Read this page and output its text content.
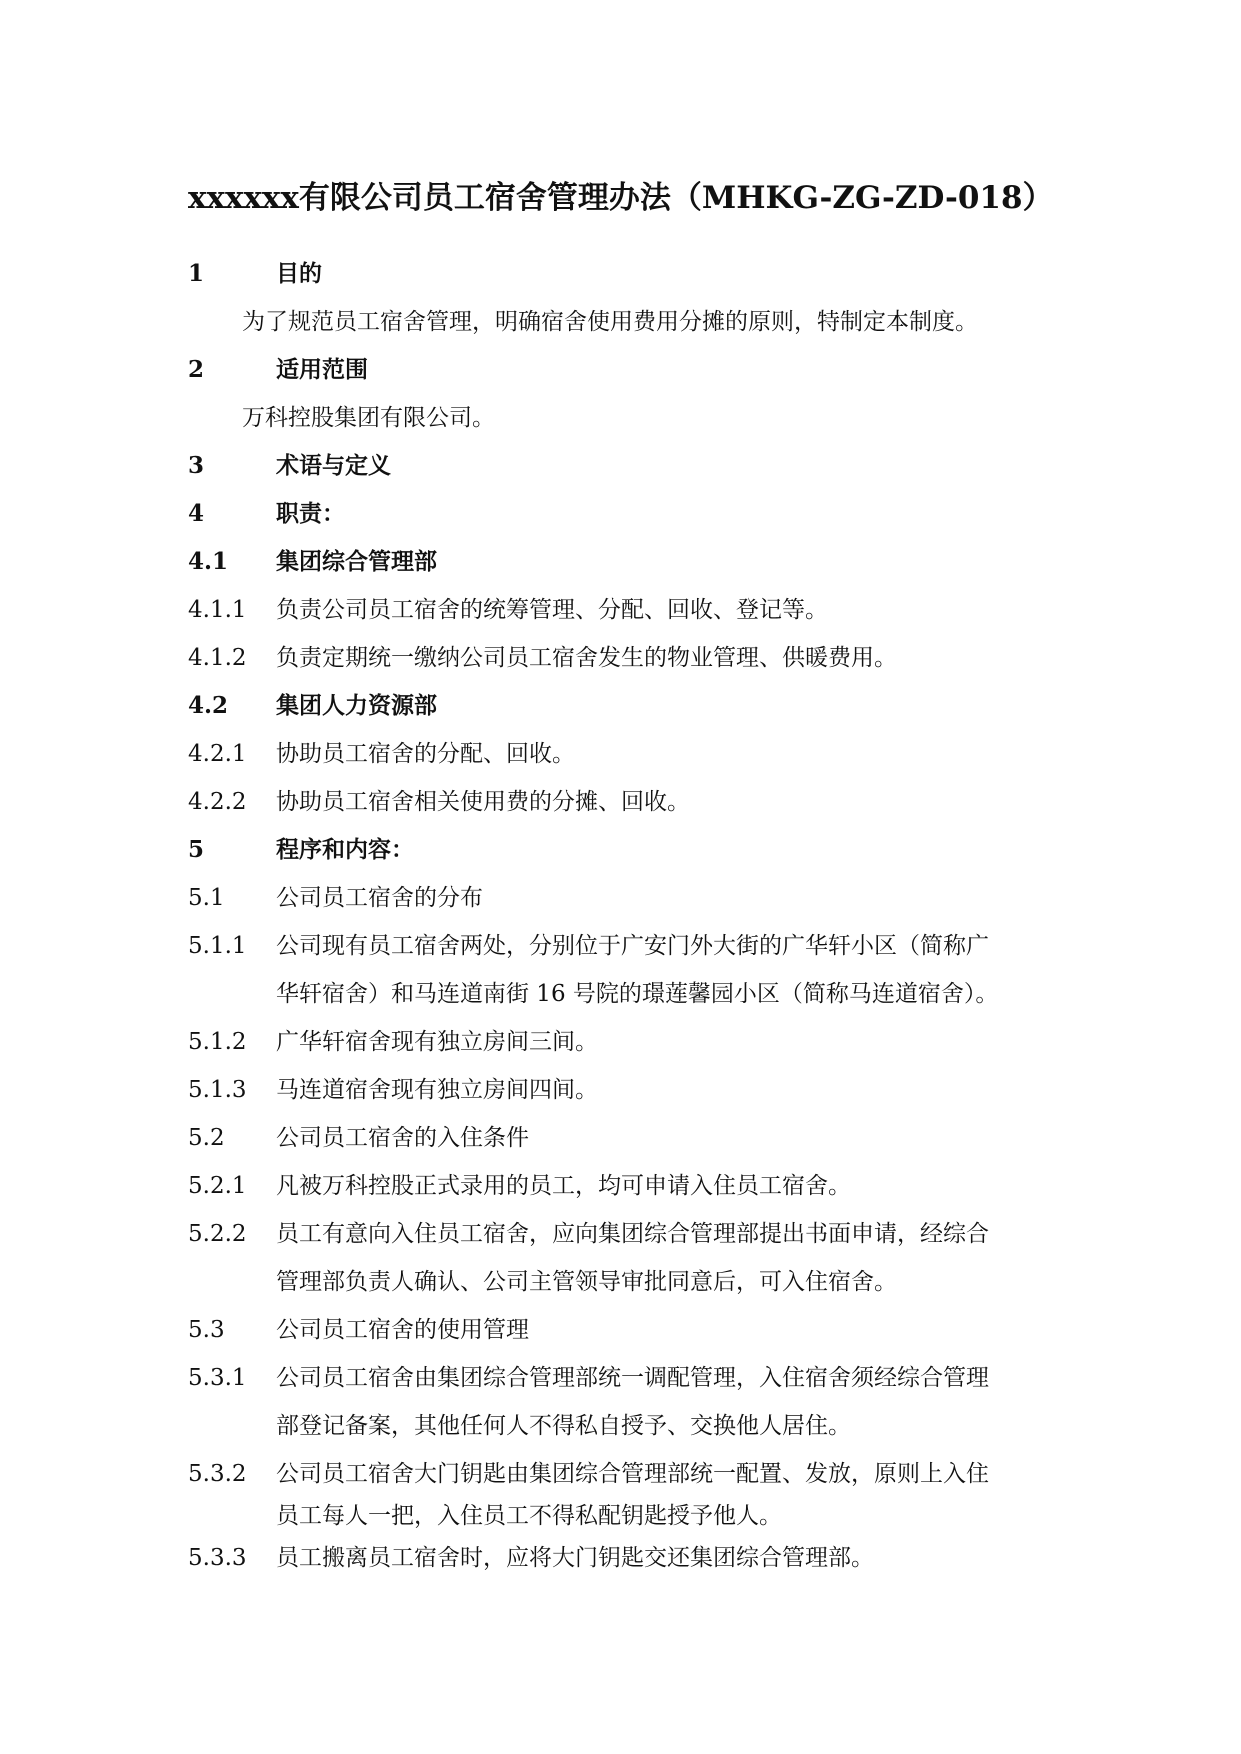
xxxxxx有限公司员工宿舍管理办法（MHKG-ZG-ZD-018）
1	目的
为了规范员工宿舍管理，明确宿舍使用费用分摊的原则，特制定本制度。
2	适用范围
万科控股集团有限公司。
3	术语与定义
4	职责：
4.1 集团综合管理部
4.1.1 负责公司员工宿舍的统筹管理、分配、回收、登记等。
4.1.2 负责定期统一缴纳公司员工宿舍发生的物业管理、供暖费用。
4.2 集团人力资源部
4.2.1 协助员工宿舍的分配、回收。
4.2.2 协助员工宿舍相关使用费的分摊、回收。
5	程序和内容：
5.1 公司员工宿舍的分布
5.1.1 公司现有员工宿舍两处，分别位于广安门外大街的广华轩小区（简称广
华轩宿舍）和马连道南街 16 号院的璟莲馨园小区（简称马连道宿舍）。
5.1.2 广华轩宿舍现有独立房间三间。
5.1.3 马连道宿舍现有独立房间四间。
5.2 公司员工宿舍的入住条件
5.2.1 凡被万科控股正式录用的员工，均可申请入住员工宿舍。
5.2.2 员工有意向入住员工宿舍，应向集团综合管理部提出书面申请，经综合
管理部负责人确认、公司主管领导审批同意后，可入住宿舍。
5.3 公司员工宿舍的使用管理
5.3.1 公司员工宿舍由集团综合管理部统一调配管理，入住宿舍须经综合管理
部登记备案，其他任何人不得私自授予、交换他人居住。
5.3.2 公司员工宿舍大门钥匙由集团综合管理部统一配置、发放，原则上入住
员工每人一把，入住员工不得私配钥匙授予他人。
5.3.3 员工搬离员工宿舍时，应将大门钥匙交还集团综合管理部。
